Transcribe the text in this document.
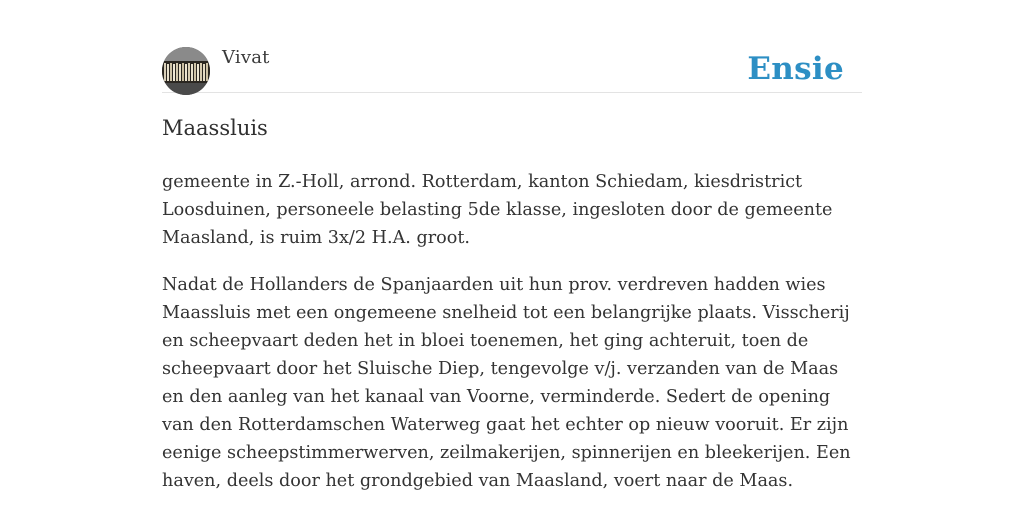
Vivat	Ensie
Maassluis

gemeente in Z.-Holl, arrond. Rotterdam, kanton Schiedam, kiesdristrict Loosduinen, personeele belasting 5de klasse, ingesloten door de gemeente Maasland, is ruim 3x/2 H.A. groot.

Nadat de Hollanders de Spanjaarden uit hun prov. verdreven hadden wies Maassluis met een ongemeene snelheid tot een belangrijke plaats. Visscherij en scheepvaart deden het in bloei toenemen, het ging achteruit, toen de scheepvaart door het Sluische Diep, tengevolge v/j. verzanden van de Maas en den aanleg van het kanaal van Voorne, verminderde. Sedert de opening van den Rotterdamschen Waterweg gaat het echter op nieuw vooruit. Er zijn eenige scheepstimmerwerven, zeilmakerijen, spinnerijen en bleekerijen. Een haven, deels door het grondgebied van Maasland, voert naar de Maas.
